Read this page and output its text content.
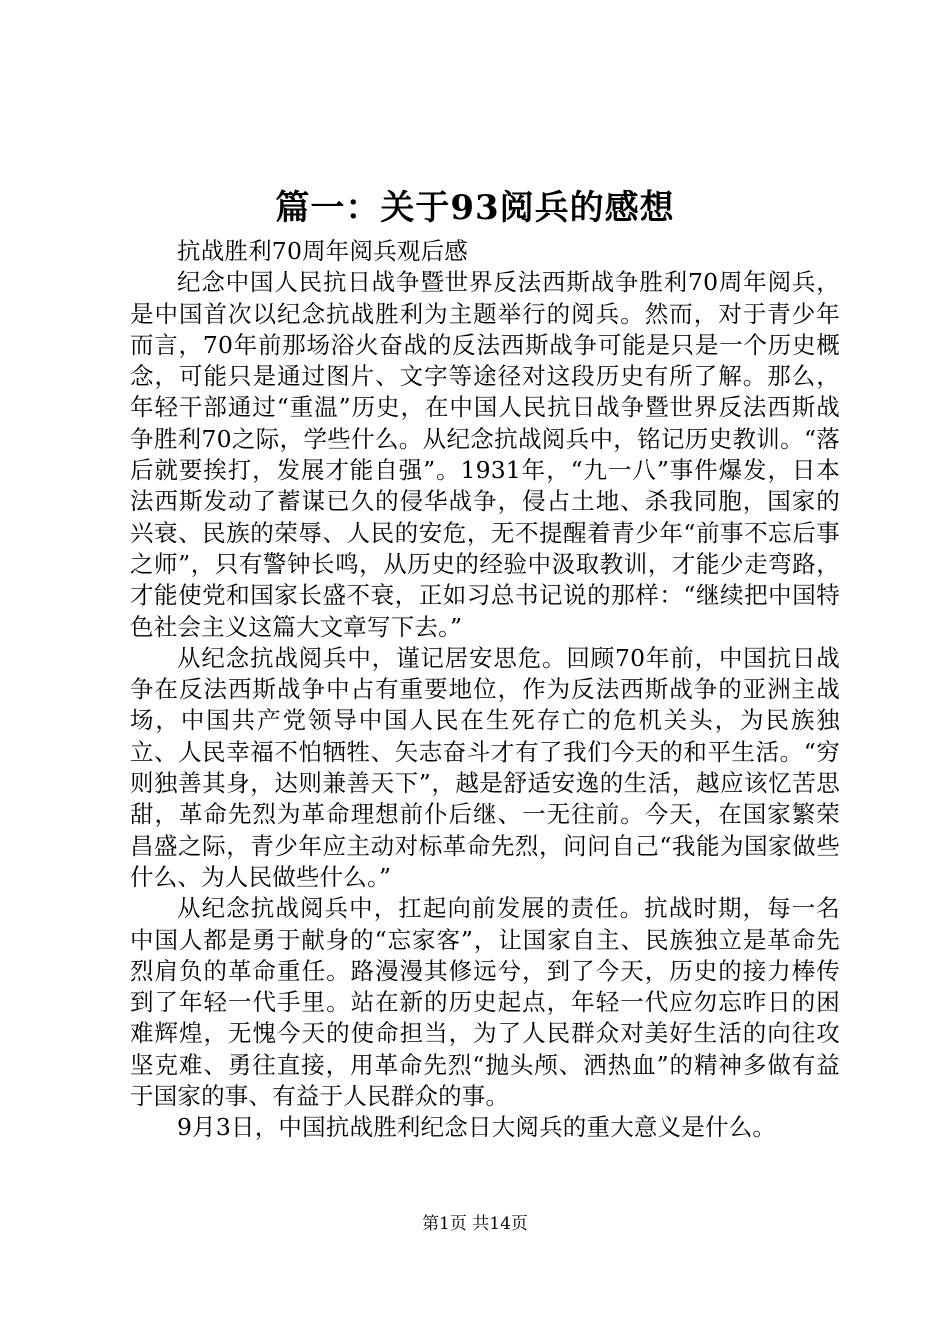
篇一：关于93阅兵的感想

抗战胜利70周年阅兵观后感

纪念中国人民抗日战争暨世界反法西斯战争胜利70周年阅兵，是中国首次以纪念抗战胜利为主题举行的阅兵。然而，对于青少年而言，70年前那场浴火奋战的反法西斯战争可能是只是一个历史概念，可能只是通过图片、文字等途径对这段历史有所了解。那么，年轻干部通过“重温”历史，在中国人民抗日战争暨世界反法西斯战争胜利70之际，学些什么。从纪念抗战阅兵中，铭记历史教训。“落后就要挨打，发展才能自强”。1931年，“九一八”事件爆发，日本法西斯发动了蓄谋已久的侵华战争，侵占土地、杀我同胞，国家的兴衰、民族的荣辱、人民的安危，无不提醒着青少年“前事不忘后事之师”，只有警钟长鸣，从历史的经验中汲取教训，才能少走弯路，才能使党和国家长盛不衰，正如习总书记说的那样：“继续把中国特色社会主义这篇大文章写下去。”

从纪念抗战阅兵中，谨记居安思危。回顾70年前，中国抗日战争在反法西斯战争中占有重要地位，作为反法西斯战争的亚洲主战场，中国共产党领导中国人民在生死存亡的危机关头，为民族独立、人民幸福不怕牺牲、矢志奋斗才有了我们今天的和平生活。“穷则独善其身，达则兼善天下”，越是舒适安逸的生活，越应该忆苦思甜，革命先烈为革命理想前仆后继、一无往前。今天，在国家繁荣昌盛之际，青少年应主动对标革命先烈，问问自己“我能为国家做些什么、为人民做些什么。”

从纪念抗战阅兵中，扛起向前发展的责任。抗战时期，每一名中国人都是勇于献身的“忘家客”，让国家自主、民族独立是革命先烈肩负的革命重任。路漫漫其修远兮，到了今天，历史的接力棒传到了年轻一代手里。站在新的历史起点，年轻一代应勿忘昨日的困难辉煌，无愧今天的使命担当，为了人民群众对美好生活的向往攻坚克难、勇往直接，用革命先烈“抛头颅、洒热血”的精神多做有益于国家的事、有益于人民群众的事。

9月3日，中国抗战胜利纪念日大阅兵的重大意义是什么。

第1页 共14页
